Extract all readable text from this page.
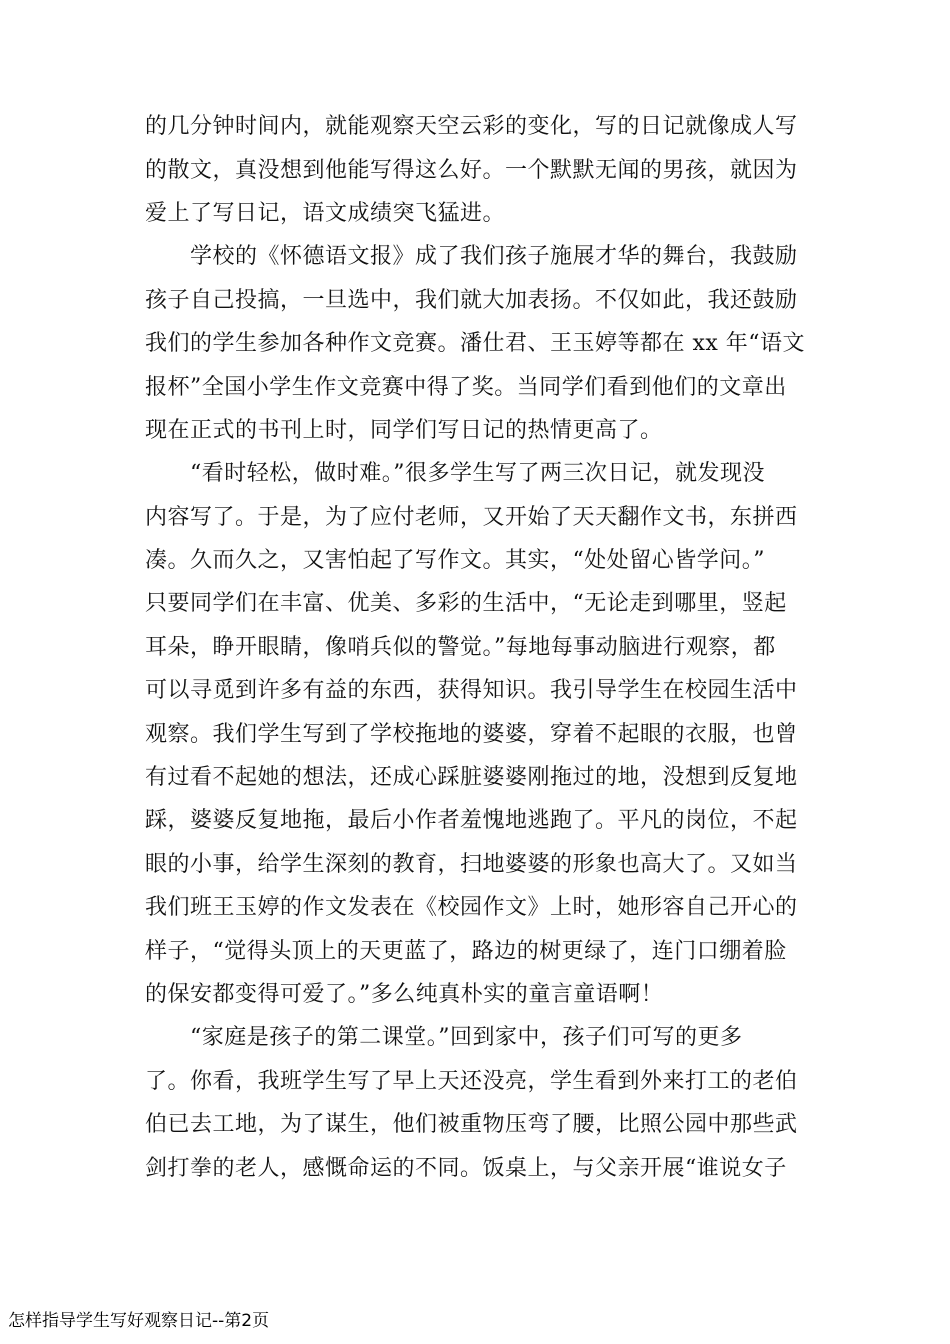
的几分钟时间内，就能观察天空云彩的变化，写的日记就像成人写
的散文，真没想到他能写得这么好。一个默默无闻的男孩，就因为
爱上了写日记，语文成绩突飞猛进。
学校的《怀德语文报》成了我们孩子施展才华的舞台，我鼓励
孩子自己投搞，一旦选中，我们就大加表扬。不仅如此，我还鼓励
我们的学生参加各种作文竞赛。潘仕君、王玉婷等都在 xx 年“语文
报杯”全国小学生作文竞赛中得了奖。当同学们看到他们的文章出
现在正式的书刊上时，同学们写日记的热情更高了。
“看时轻松，做时难。”很多学生写了两三次日记，就发现没
内容写了。于是，为了应付老师，又开始了天天翻作文书，东拼西
凑。久而久之，又害怕起了写作文。其实，“处处留心皆学问。”
只要同学们在丰富、优美、多彩的生活中，“无论走到哪里，竖起
耳朵，睁开眼睛，像哨兵似的警觉。”每地每事动脑进行观察，都
可以寻觅到许多有益的东西，获得知识。我引导学生在校园生活中
观察。我们学生写到了学校拖地的婆婆，穿着不起眼的衣服，也曾
有过看不起她的想法，还成心踩脏婆婆刚拖过的地，没想到反复地
踩，婆婆反复地拖，最后小作者羞愧地逃跑了。平凡的岗位，不起
眼的小事，给学生深刻的教育，扫地婆婆的形象也高大了。又如当
我们班王玉婷的作文发表在《校园作文》上时，她形容自己开心的
样子，“觉得头顶上的天更蓝了，路边的树更绿了，连门口绷着脸
的保安都变得可爱了。”多么纯真朴实的童言童语啊！
“家庭是孩子的第二课堂。”回到家中，孩子们可写的更多
了。你看，我班学生写了早上天还没亮，学生看到外来打工的老伯
伯已去工地，为了谋生，他们被重物压弯了腰，比照公园中那些武
剑打拳的老人，感慨命运的不同。饭桌上，与父亲开展“谁说女子
怎样指导学生写好观察日记--第2页
